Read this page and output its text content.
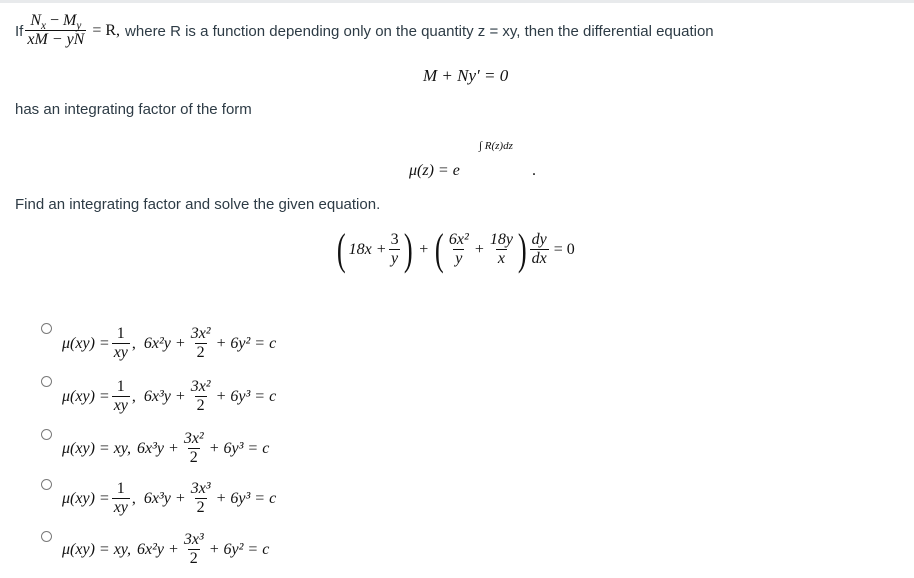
If $\frac{N_x - M_y}{xM - yN} = R$, where R is a function depending only on the quantity z = xy, then the differential equation
M + Ny′ = 0
has an integrating factor of the form
μ(z) = e
∫ R(z)dz
.
Find an integrating factor and solve the given equation.
( $18x + \frac{3}{y}$ ) + ( $\frac{\text{6x²}}{y} + \frac{18y}{x}$ ) $\frac{dy}{dx} = 0$
$\mu(xy) = \frac{1}{xy}$ , $6x^2y + \frac{\text{3x²}}{2} + 6y^2 = c$
$\mu(xy) = \frac{1}{xy}$ , $6x^3y + \frac{\text{3x²}}{2} + 6y^3 = c$
μ(xy) = xy, $6x^3y + \frac{\text{3x²}}{2} + 6y^3 = c$
$\mu(xy) = \frac{1}{xy}$ , $6x^3y + \frac{\text{3x³}}{2} + 6y^3 = c$
μ(xy) = xy, $6x^2y + \frac{\text{3x³}}{2} + 6y^2 = c$
